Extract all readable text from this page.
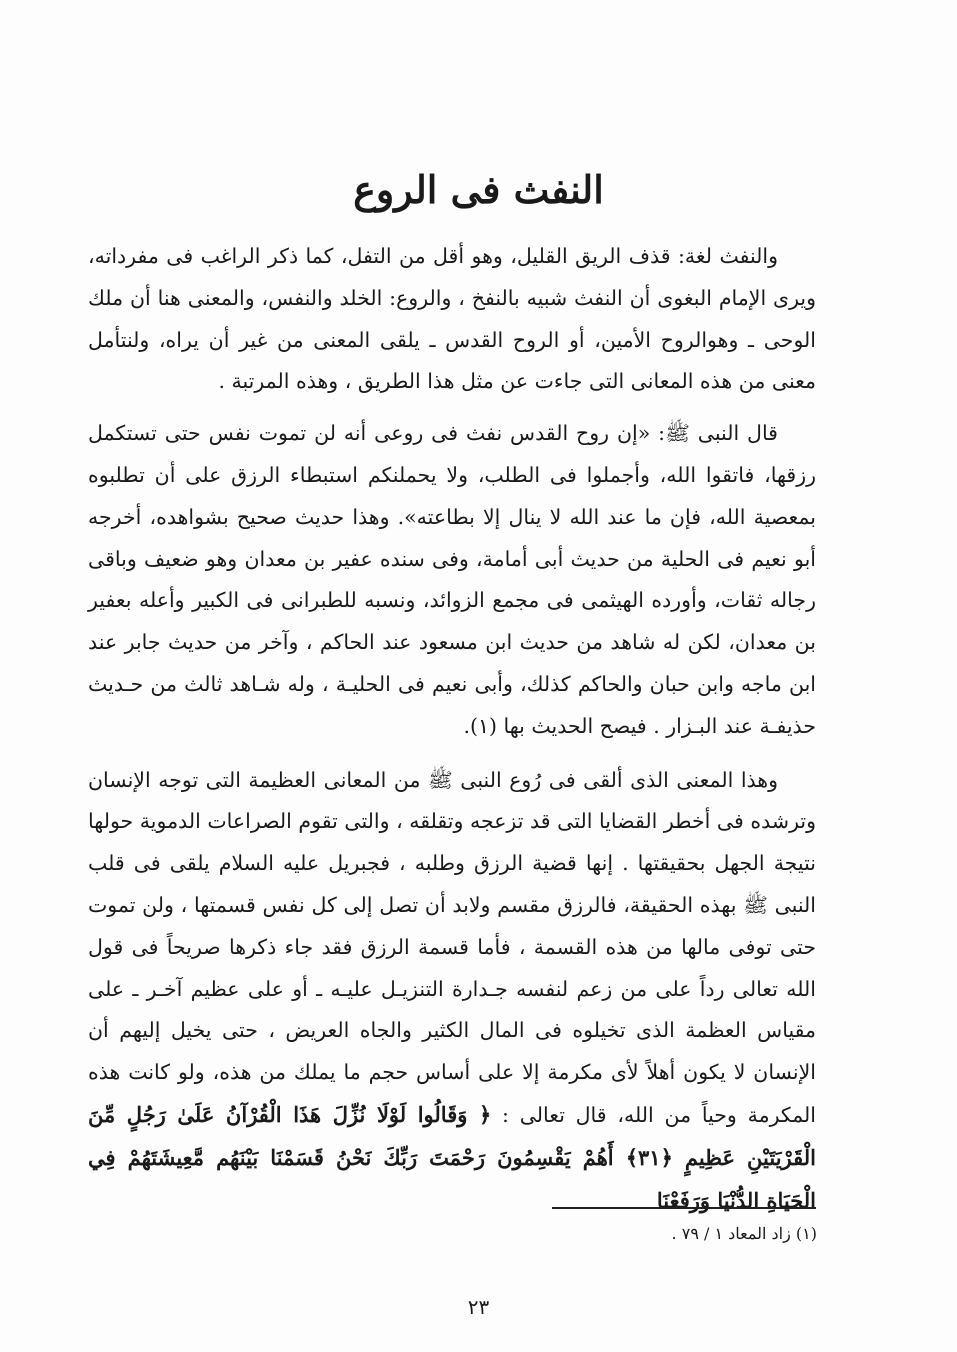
النفث فى الروع

والنفث لغة: قذف الريق القليل، وهو أقل من التفل، كما ذكر الراغب فى مفرداته، ويرى الإمام البغوى أن النفث شبيه بالنفخ ، والروع: الخلد والنفس، والمعنى هنا أن ملك الوحى ـ وهوالروح الأمين، أو الروح القدس ـ يلقى المعنى من غير أن يراه، ولنتأمل معنى من هذه المعانى التى جاءت عن مثل هذا الطريق ، وهذه المرتبة .

قال النبى ﷺ: «إن روح القدس نفث فى روعى أنه لن تموت نفس حتى تستكمل رزقها، فاتقوا الله، وأجملوا فى الطلب، ولا يحملنكم استبطاء الرزق على أن تطلبوه بمعصية الله، فإن ما عند الله لا ينال إلا بطاعته». وهذا حديث صحيح بشواهده، أخرجه أبو نعيم فى الحلية من حديث أبى أمامة، وفى سنده عفير بن معدان وهو ضعيف وباقى رجاله ثقات، وأورده الهيثمى فى مجمع الزوائد، ونسبه للطبرانى فى الكبير وأعله بعفير بن معدان، لكن له شاهد من حديث ابن مسعود عند الحاكم ، وآخر من حديث جابر عند ابن ماجه وابن حبان والحاكم كذلك، وأبى نعيم فى الحليـة ، وله شـاهد ثالث من حـديث حذيفـة عند البـزار . فيصح الحديث بها (١).

وهذا المعنى الذى ألقى فى رُوع النبى ﷺ من المعانى العظيمة التى توجه الإنسان وترشده فى أخطر القضايا التى قد تزعجه وتقلقه ، والتى تقوم الصراعات الدموية حولها نتيجة الجهل بحقيقتها . إنها قضية الرزق وطلبه ، فجبريل عليه السلام يلقى فى قلب النبى ﷺ بهذه الحقيقة، فالرزق مقسم ولابد أن تصل إلى كل نفس قسمتها ، ولن تموت حتى توفى مالها من هذه القسمة ، فأما قسمة الرزق فقد جاء ذكرها صريحاً فى قول الله تعالى رداً على من زعم لنفسه جـدارة التنزيـل عليـه ـ أو على عظيم آخـر ـ على مقياس العظمة الذى تخيلوه فى المال الكثير والجاه العريض ، حتى يخيل إليهم أن الإنسان لا يكون أهلاً لأى مكرمة إلا على أساس حجم ما يملك من هذه، ولو كانت هذه المكرمة وحياً من الله، قال تعالى : ﴿ وَقَالُوا لَوْلَا نُزِّلَ هَذَا الْقُرْآنُ عَلَىٰ رَجُلٍ مِّنَ الْقَرْيَتَيْنِ عَظِيمٍ ﴿٣١﴾ أَهُمْ يَقْسِمُونَ رَحْمَتَ رَبِّكَ نَحْنُ قَسَمْنَا بَيْنَهُم مَّعِيشَتَهُمْ فِي الْحَيَاةِ الدُّنْيَا وَرَفَعْنَا

(١) زاد المعاد ١ / ٧٩ .
٢٣
